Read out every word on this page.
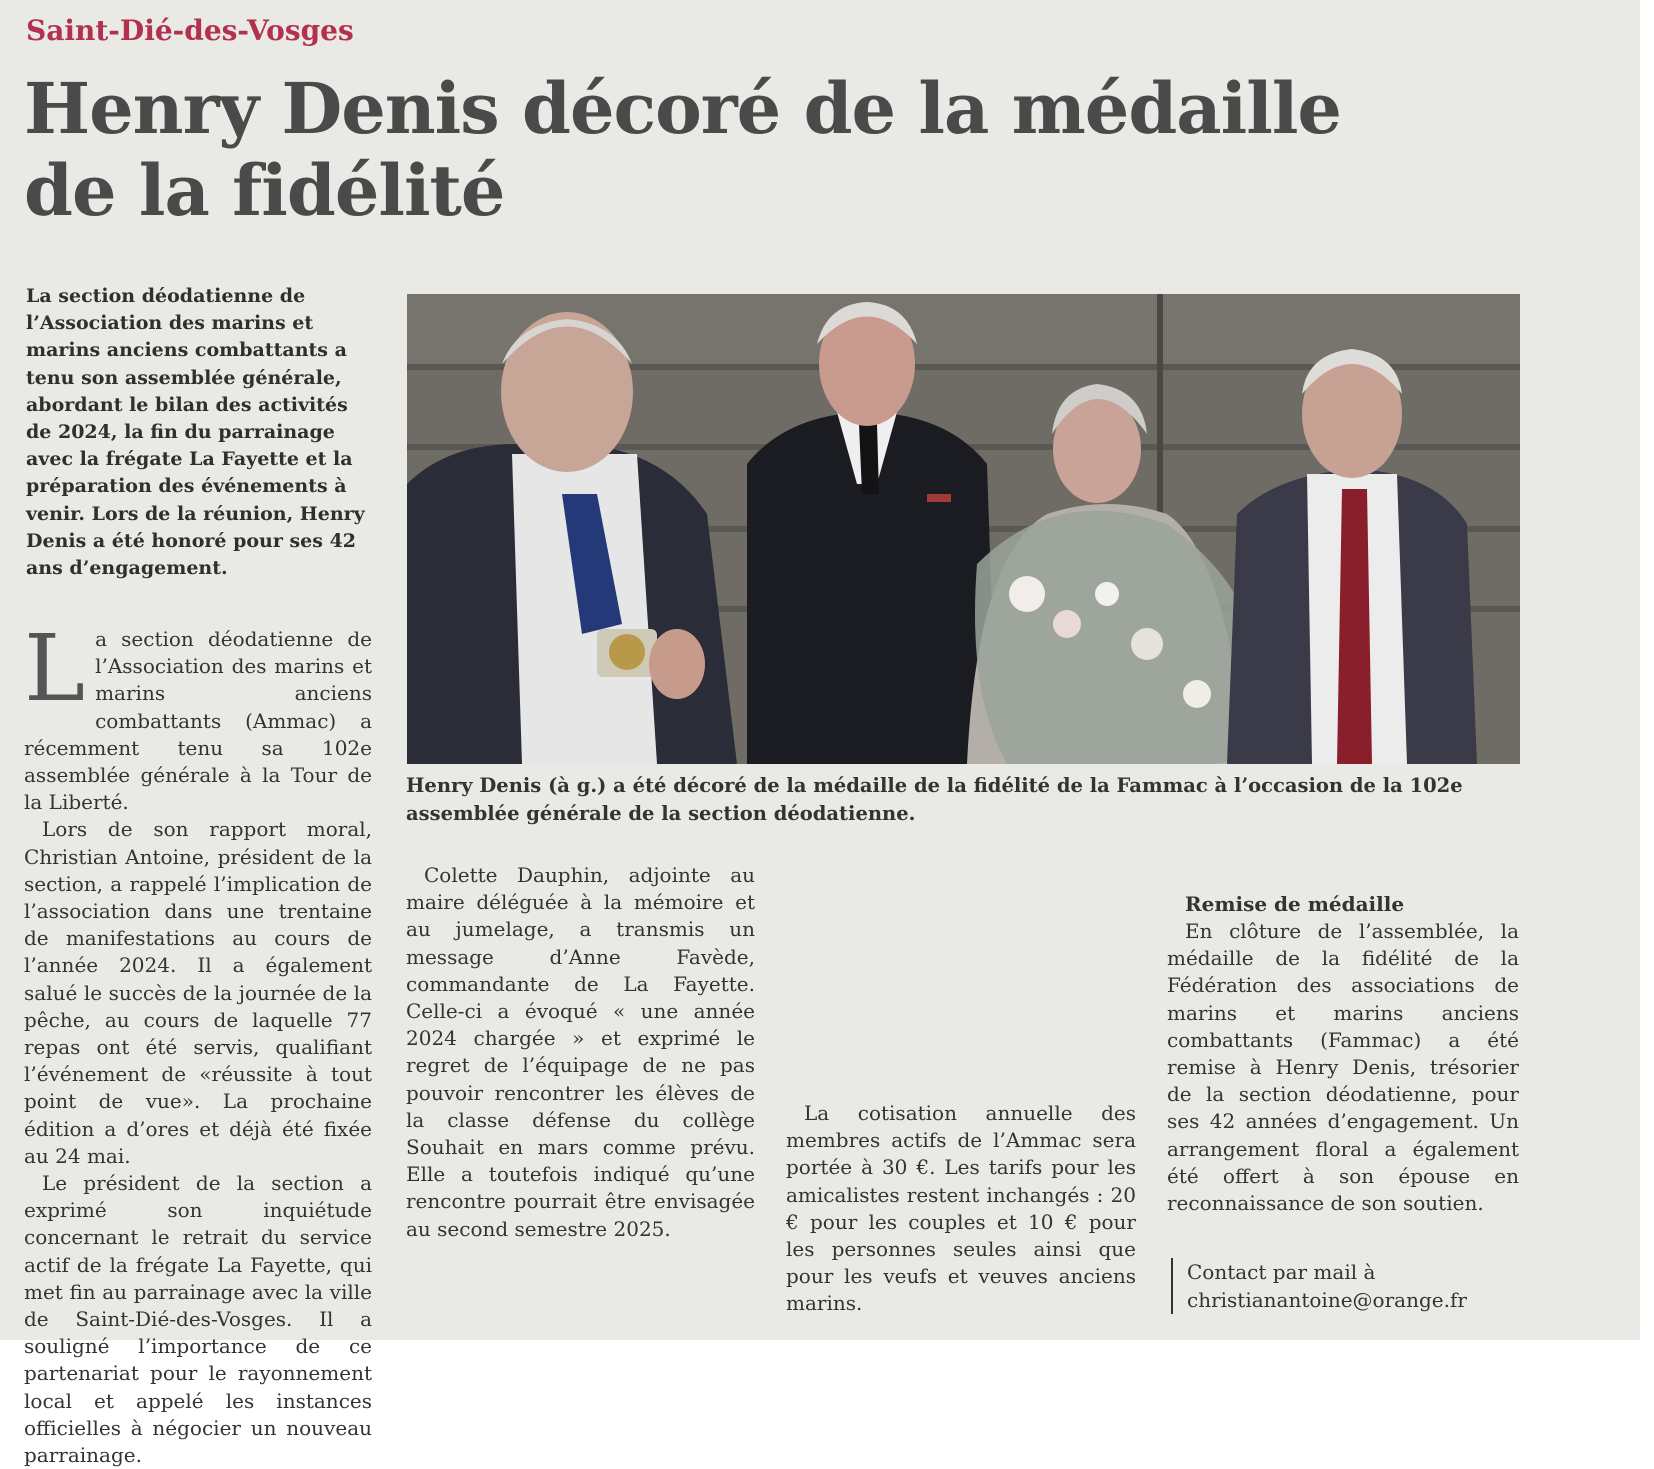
Saint-Dié-des-Vosges
Henry Denis décoré de la médaille de la fidélité

La section déodatienne de l’Association des marins et marins anciens combattants a tenu son assemblée générale, abordant le bilan des activités de 2024, la fin du parrainage avec la frégate La Fayette et la préparation des événements à venir. Lors de la réunion, Henry Denis a été honoré pour ses 42 ans d’engagement.

Henry Denis (à g.) a été décoré de la médaille de la fidélité de la Fammac à l’occasion de la 102e assemblée générale de la section déodatienne.

L a section déodatienne de l’Association des marins et marins anciens combattants (Ammac) a récemment tenu sa 102e assemblée générale à la Tour de la Liberté.

Lors de son rapport moral, Christian Antoine, président de la section, a rappelé l’implication de l’association dans une trentaine de manifestations au cours de l’année 2024. Il a également salué le succès de la journée de la pêche, au cours de laquelle 77 repas ont été servis, qualifiant l’événement de «réussite à tout point de vue». La prochaine édition a d’ores et déjà été fixée au 24 mai.

Le président de la section a exprimé son inquiétude concernant le retrait du service actif de la frégate La Fayette, qui met fin au parrainage avec la ville de Saint-Dié-des-Vosges. Il a souligné l’importance de ce partenariat pour le rayonnement local et appelé les instances officielles à négocier un nouveau parrainage.

Colette Dauphin, adjointe au maire déléguée à la mémoire et au jumelage, a transmis un message d’Anne Favède, commandante de La Fayette. Celle-ci a évoqué « une année 2024 chargée » et exprimé le regret de l’équipage de ne pas pouvoir rencontrer les élèves de la classe défense du collège Souhait en mars comme prévu. Elle a toutefois indiqué qu’une rencontre pourrait être envisagée au second semestre 2025.

La cotisation annuelle des membres actifs de l’Ammac sera portée à 30 €. Les tarifs pour les amicalistes restent inchangés : 20 € pour les couples et 10 € pour les personnes seules ainsi que pour les veufs et veuves anciens marins.

Remise de médaille

En clôture de l’assemblée, la médaille de la fidélité de la Fédération des associations de marins et marins anciens combattants (Fammac) a été remise à Henry Denis, trésorier de la section déodatienne, pour ses 42 années d’engagement. Un arrangement floral a également été offert à son épouse en reconnaissance de son soutien.

Contact par mail à
christianantoine@orange.fr
